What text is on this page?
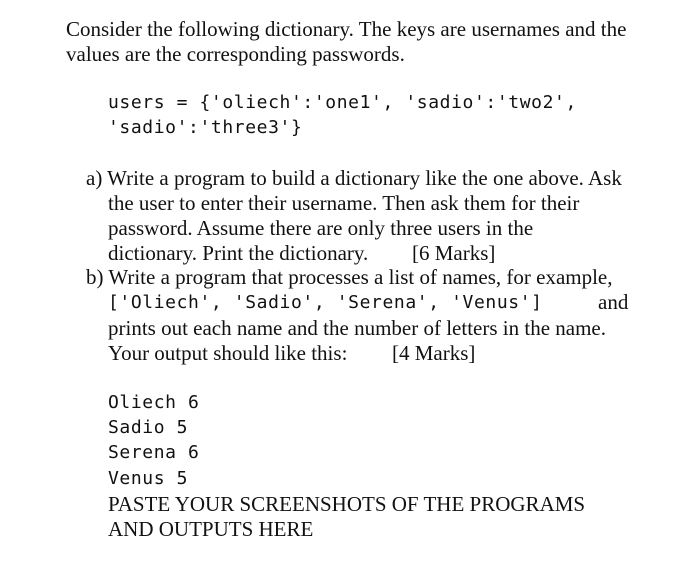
Consider the following dictionary. The keys are usernames and the
values are the corresponding passwords.
users = {'oliech':'one1', 'sadio':'two2',
'sadio':'three3'}
a) Write a program to build a dictionary like the one above. Ask
the user to enter their username. Then ask them for their
password. Assume there are only three users in the
dictionary. Print the dictionary. [6 Marks]
b) Write a program that processes a list of names, for example,
['Oliech', 'Sadio', 'Serena', 'Venus']	and
prints out each name and the number of letters in the name.
Your output should like this: [4 Marks]
Oliech 6
Sadio 5
Serena 6
Venus 5
PASTE YOUR SCREENSHOTS OF THE PROGRAMS
AND OUTPUTS HERE
